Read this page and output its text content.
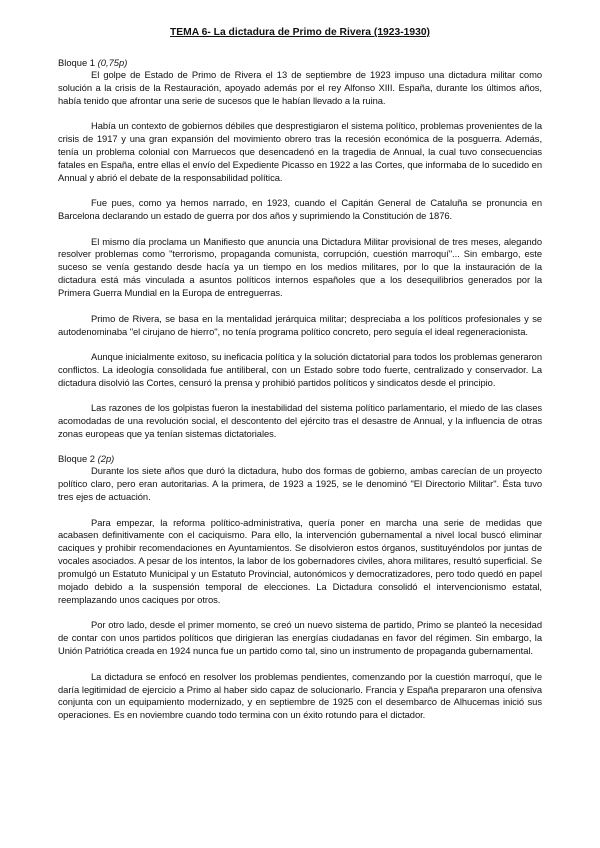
TEMA 6- La dictadura de Primo de Rivera (1923-1930)
Bloque 1 (0,75p)

El golpe de Estado de Primo de Rivera el 13 de septiembre de 1923 impuso una dictadura militar como solución a la crisis de la Restauración, apoyado además por el rey Alfonso XIII. España, durante los últimos años, había tenido que afrontar una serie de sucesos que le habían llevado a la ruina.

Había un contexto de gobiernos débiles que desprestigiaron el sistema político, problemas provenientes de la crisis de 1917 y una gran expansión del movimiento obrero tras la recesión económica de la posguerra. Además, tenía un problema colonial con Marruecos que desencadenó en la tragedia de Annual, la cual tuvo consecuencias fatales en España, entre ellas el envío del Expediente Picasso en 1922 a las Cortes, que informaba de lo sucedido en Annual y abrió el debate de la responsabilidad política.

Fue pues, como ya hemos narrado, en 1923, cuando el Capitán General de Cataluña se pronuncia en Barcelona declarando un estado de guerra por dos años y suprimiendo la Constitución de 1876.

El mismo día proclama un Manifiesto que anuncia una Dictadura Militar provisional de tres meses, alegando resolver problemas como "terrorismo, propaganda comunista, corrupción, cuestión marroquí"... Sin embargo, este suceso se venía gestando desde hacía ya un tiempo en los medios militares, por lo que la instauración de la dictadura está más vinculada a asuntos políticos internos españoles que a los desequilibrios generados por la Primera Guerra Mundial en la Europa de entreguerras.

Primo de Rivera, se basa en la mentalidad jerárquica militar; despreciaba a los políticos profesionales y se autodenominaba "el cirujano de hierro", no tenía programa político concreto, pero seguía el ideal regeneracionista.

Aunque inicialmente exitoso, su ineficacia política y la solución dictatorial para todos los problemas generaron conflictos. La ideología consolidada fue antiliberal, con un Estado sobre todo fuerte, centralizado y conservador. La dictadura disolvió las Cortes, censuró la prensa y prohibió partidos políticos y sindicatos desde el principio.

Las razones de los golpistas fueron la inestabilidad del sistema político parlamentario, el miedo de las clases acomodadas de una revolución social, el descontento del ejército tras el desastre de Annual, y la influencia de otras zonas europeas que ya tenían sistemas dictatoriales.

Bloque 2 (2p)

Durante los siete años que duró la dictadura, hubo dos formas de gobierno, ambas carecían de un proyecto político claro, pero eran autoritarias. A la primera, de 1923 a 1925, se le denominó "El Directorio Militar". Ésta tuvo tres ejes de actuación.

Para empezar, la reforma político-administrativa, quería poner en marcha una serie de medidas que acabasen definitivamente con el caciquismo. Para ello, la intervención gubernamental a nivel local buscó eliminar caciques y prohibir recomendaciones en Ayuntamientos. Se disolvieron estos órganos, sustituyéndolos por juntas de vocales asociados. A pesar de los intentos, la labor de los gobernadores civiles, ahora militares, resultó superficial. Se promulgó un Estatuto Municipal y un Estatuto Provincial, autonómicos y democratizadores, pero todo quedó en papel mojado debido a la suspensión temporal de elecciones. La Dictadura consolidó el intervencionismo estatal, reemplazando unos caciques por otros.

Por otro lado, desde el primer momento, se creó un nuevo sistema de partido, Primo se planteó la necesidad de contar con unos partidos políticos que dirigieran las energías ciudadanas en favor del régimen. Sin embargo, la Unión Patriótica creada en 1924 nunca fue un partido como tal, sino un instrumento de propaganda gubernamental.

La dictadura se enfocó en resolver los problemas pendientes, comenzando por la cuestión marroquí, que le daría legitimidad de ejercicio a Primo al haber sido capaz de solucionarlo. Francia y España prepararon una ofensiva conjunta con un equipamiento modernizado, y en septiembre de 1925 con el desembarco de Alhucemas inició sus operaciones. Es en noviembre cuando todo termina con un éxito rotundo para el dictador.
